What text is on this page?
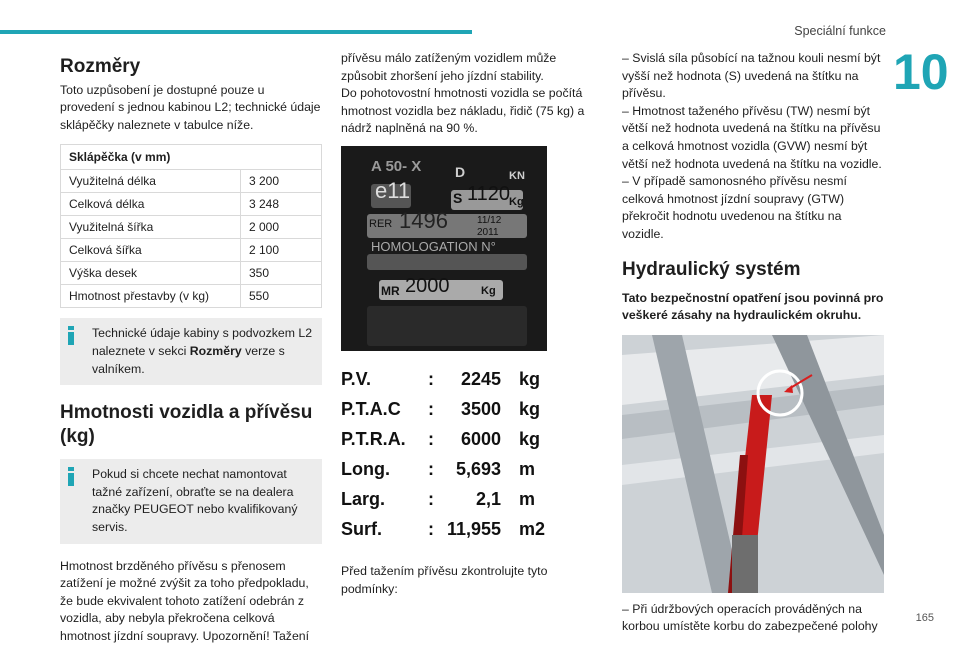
Speciální funkce
10
Rozměry

Toto uzpůsobení je dostupné pouze u provedení s jednou kabinou L2; technické údaje sklápěčky naleznete v tabulce níže.

Sklápěčka (v mm)	
Využitelná délka	3 200
Celková délka	3 248
Využitelná šířka	2 000
Celková šířka	2 100
Výška desek	350
Hmotnost přestavby (v kg)	550

Technické údaje kabiny s podvozkem L2 naleznete v sekci Rozměry verze s valníkem.

Hmotnosti vozidla a přívěsu (kg)

Pokud si chcete nechat namontovat tažné zařízení, obraťte se na dealera značky PEUGEOT nebo kvalifikovaný servis.

Hmotnost brzděného přívěsu s přenosem zatížení je možné zvýšit za toho předpokladu, že bude ekvivalent tohoto zatížení odebrán z vozidla, aby nebyla překročena celková hmotnost jízdní soupravy. Upozornění! Tažení

přívěsu málo zatíženým vozidlem může způsobit zhoršení jeho jízdní stability.

Do pohotovostní hmotnosti vozidla se počítá hmotnost vozidla bez nákladu, řidič (75 kg) a nádrž naplněná na 90 %.

A 50- X D	KN
e11	S 1120
Kg
RER 1496	11/12
2011
HOMOLOGATION N°
MR 2000	Kg
P.V.	:	2245 kg
P.T.A.C	:	3500 kg
P.T.R.A.	:	6000 kg
Long.	:	5,693 m
Larg.	:	2,1 m
Surf.	: 11,955 m2

Před tažením přívěsu zkontrolujte tyto podmínky:

– Svislá síla působící na tažnou kouli nesmí být vyšší než hodnota (S) uvedená na štítku na přívěsu.

– Hmotnost taženého přívěsu (TW) nesmí být větší než hodnota uvedená na štítku na přívěsu a celková hmotnost vozidla (GVW) nesmí být větší než hodnota uvedená na štítku na vozidle.

– V případě samonosného přívěsu nesmí celková hmotnost jízdní soupravy (GTW) překročit hodnotu uvedenou na štítku na vozidle.

Hydraulický systém

Tato bezpečnostní opatření jsou povinná pro veškeré zásahy na hydraulickém okruhu.

– Při údržbových operacích prováděných na korbou umístěte korbu do zabezpečené polohy

165
